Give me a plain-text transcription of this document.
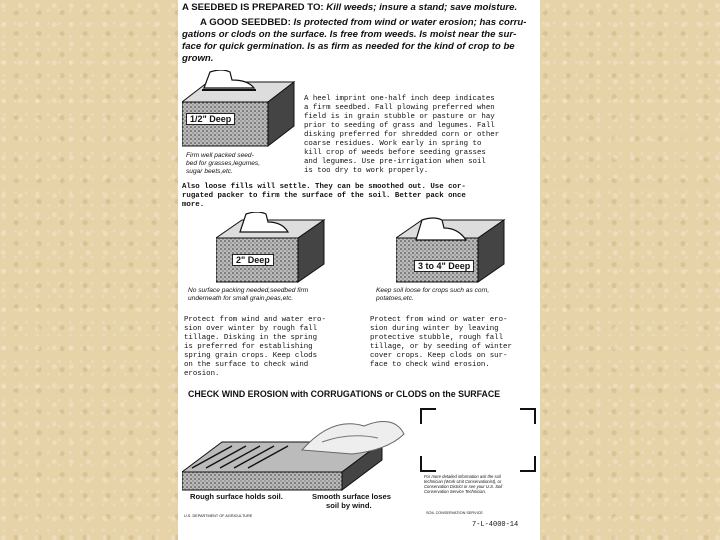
A SEEDBED IS PREPARED TO: Kill weeds; insure a stand; save moisture.
A GOOD SEEDBED: Is protected from wind or water erosion; has corru-
gations or clods on the surface. Is free from weeds. Is moist near the sur-
face for quick germination. Is as firm as needed for the kind of crop to be
grown.
1/2" Deep
Firm well packed seed-
bed for grasses,legumes,
sugar beets,etc.
A heel imprint one-half inch deep indicates
a firm seedbed. Fall plowing preferred when
field is in grain stubble or pasture or hay
prior to seeding of grass and legumes. Fall
disking preferred for shredded corn or other
coarse residues. Work early in spring to
kill crop of weeds before seeding grasses
and legumes. Use pre-irrigation when soil
is too dry to work properly.
Also loose fills will settle. They can be smoothed out. Use cor-
rugated packer to firm the surface of the soil. Better pack once
more.
2" Deep
3 to 4" Deep
No surface packing needed,seedbed firm
underneath for small grain,peas,etc.
Keep soil loose for crops such as corn,
potatoes,etc.
Protect from wind and water ero-
sion over winter by rough fall
tillage. Disking in the spring
is preferred for establishing
spring grain crops. Keep clods
on the surface to check wind
erosion.
Protect from wind or water ero-
sion during winter by leaving
protective stubble, rough fall
tillage, or by seeding of winter
cover crops. Keep clods on sur-
face to check wind erosion.
CHECK WIND EROSION with CORRUGATIONS or CLODS on the SURFACE
Rough surface holds soil.	Smooth surface loses
soil by wind.
For more detailed information ask the soil
technician (Work Unit Conservationist), or
Conservation District or see your U.S. Soil
Conservation Service Technician.
U.S. DEPARTMENT OF AGRICULTURE
SOIL CONSERVATION SERVICE
7-L-4000-14
